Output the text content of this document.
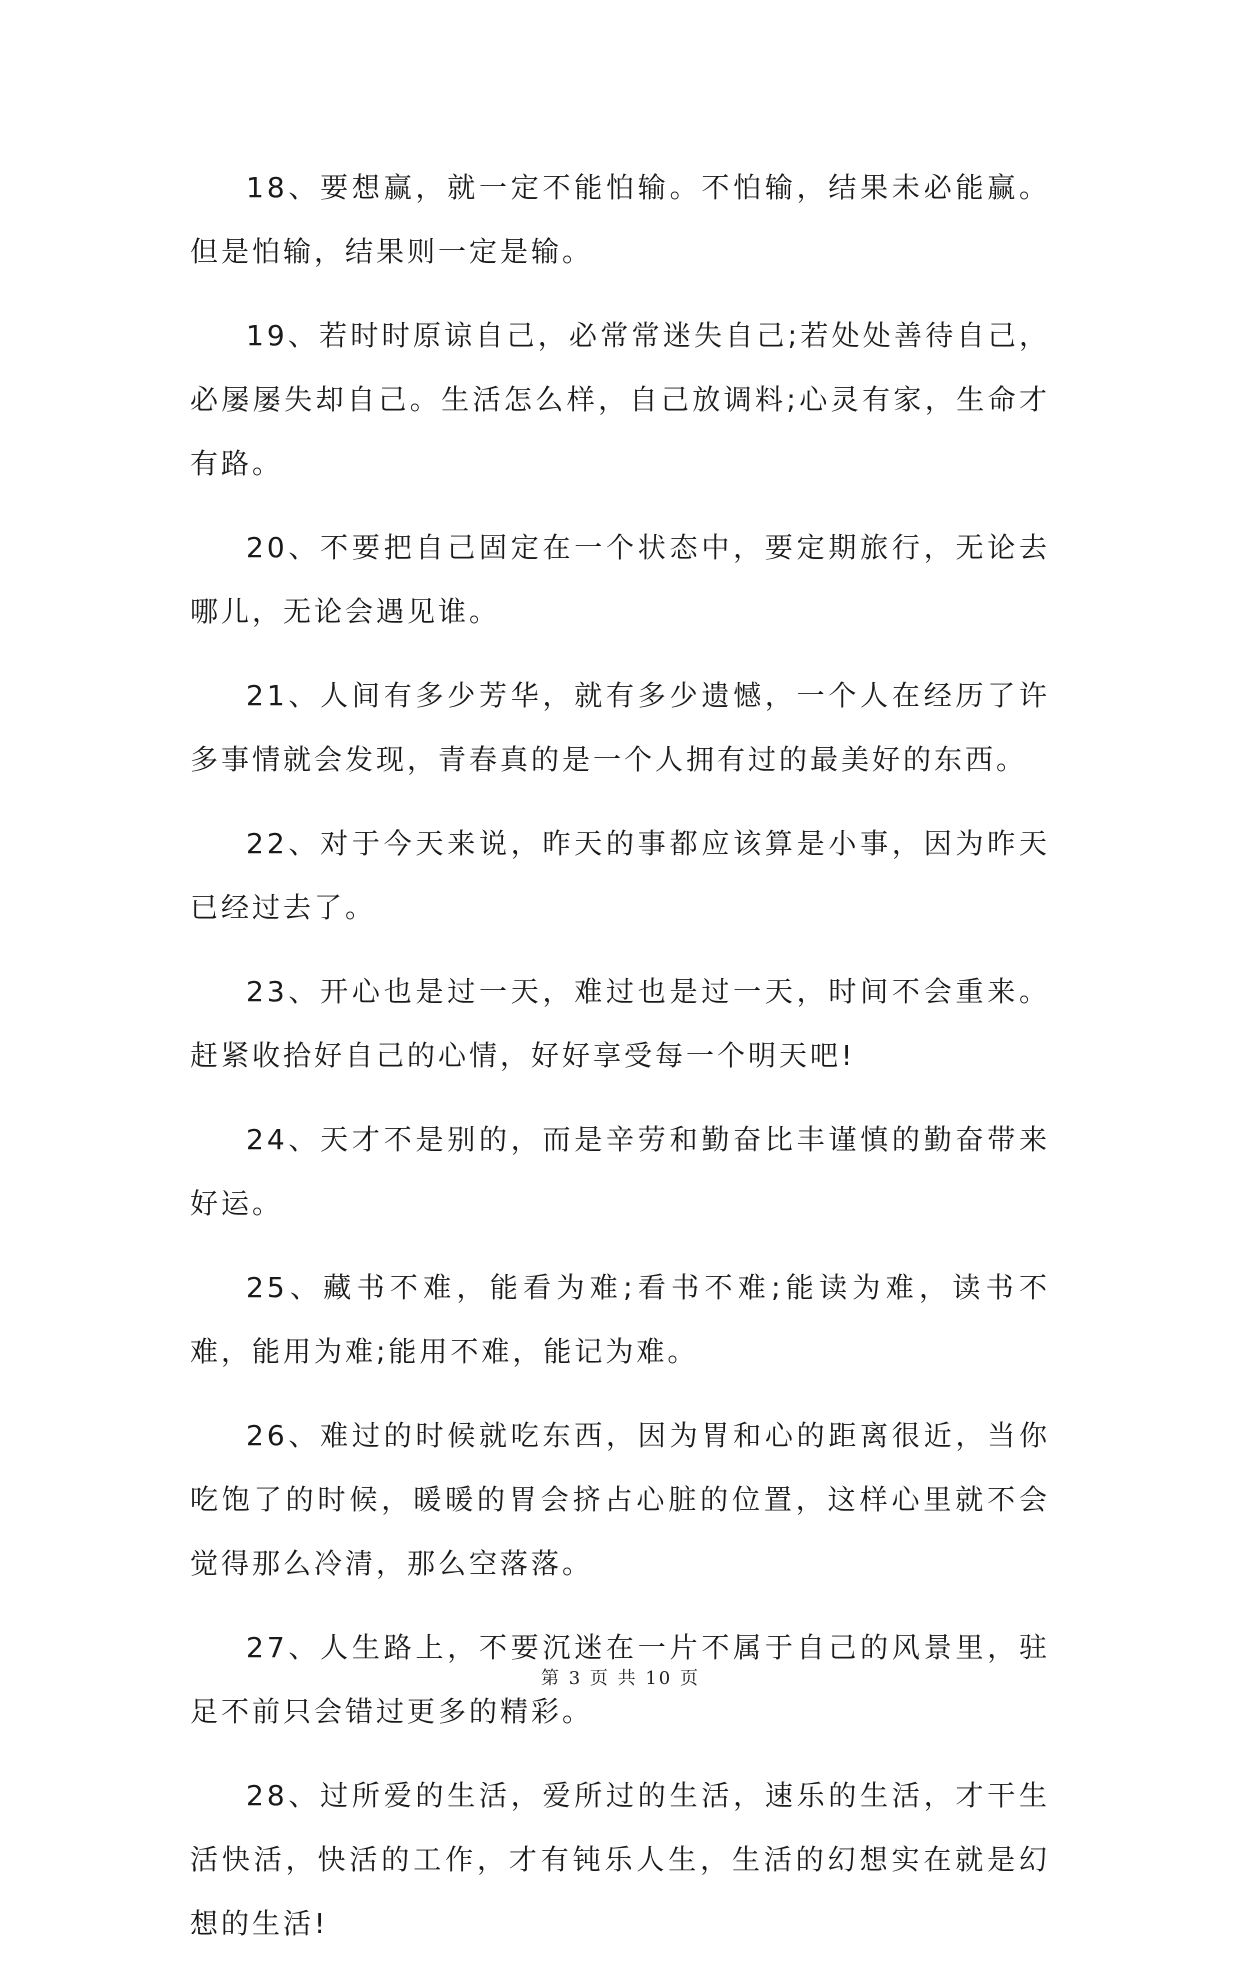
18、要想赢，就一定不能怕输。不怕输，结果未必能赢。但是怕输，结果则一定是输。

19、若时时原谅自己，必常常迷失自己;若处处善待自己，必屡屡失却自己。生活怎么样，自己放调料;心灵有家，生命才有路。

20、不要把自己固定在一个状态中，要定期旅行，无论去哪儿，无论会遇见谁。

21、人间有多少芳华，就有多少遗憾，一个人在经历了许多事情就会发现，青春真的是一个人拥有过的最美好的东西。

22、对于今天来说，昨天的事都应该算是小事，因为昨天已经过去了。

23、开心也是过一天，难过也是过一天，时间不会重来。赶紧收拾好自己的心情，好好享受每一个明天吧!

24、天才不是别的，而是辛劳和勤奋比丰谨慎的勤奋带来好运。

25、藏书不难，能看为难;看书不难;能读为难，读书不难，能用为难;能用不难，能记为难。

26、难过的时候就吃东西，因为胃和心的距离很近，当你吃饱了的时候，暖暖的胃会挤占心脏的位置，这样心里就不会觉得那么冷清，那么空落落。

27、人生路上，不要沉迷在一片不属于自己的风景里，驻足不前只会错过更多的精彩。

28、过所爱的生活，爱所过的生活，速乐的生活，才干生活快活，快活的工作，才有钝乐人生，生活的幻想实在就是幻想的生活!

第 3 页 共 10 页
